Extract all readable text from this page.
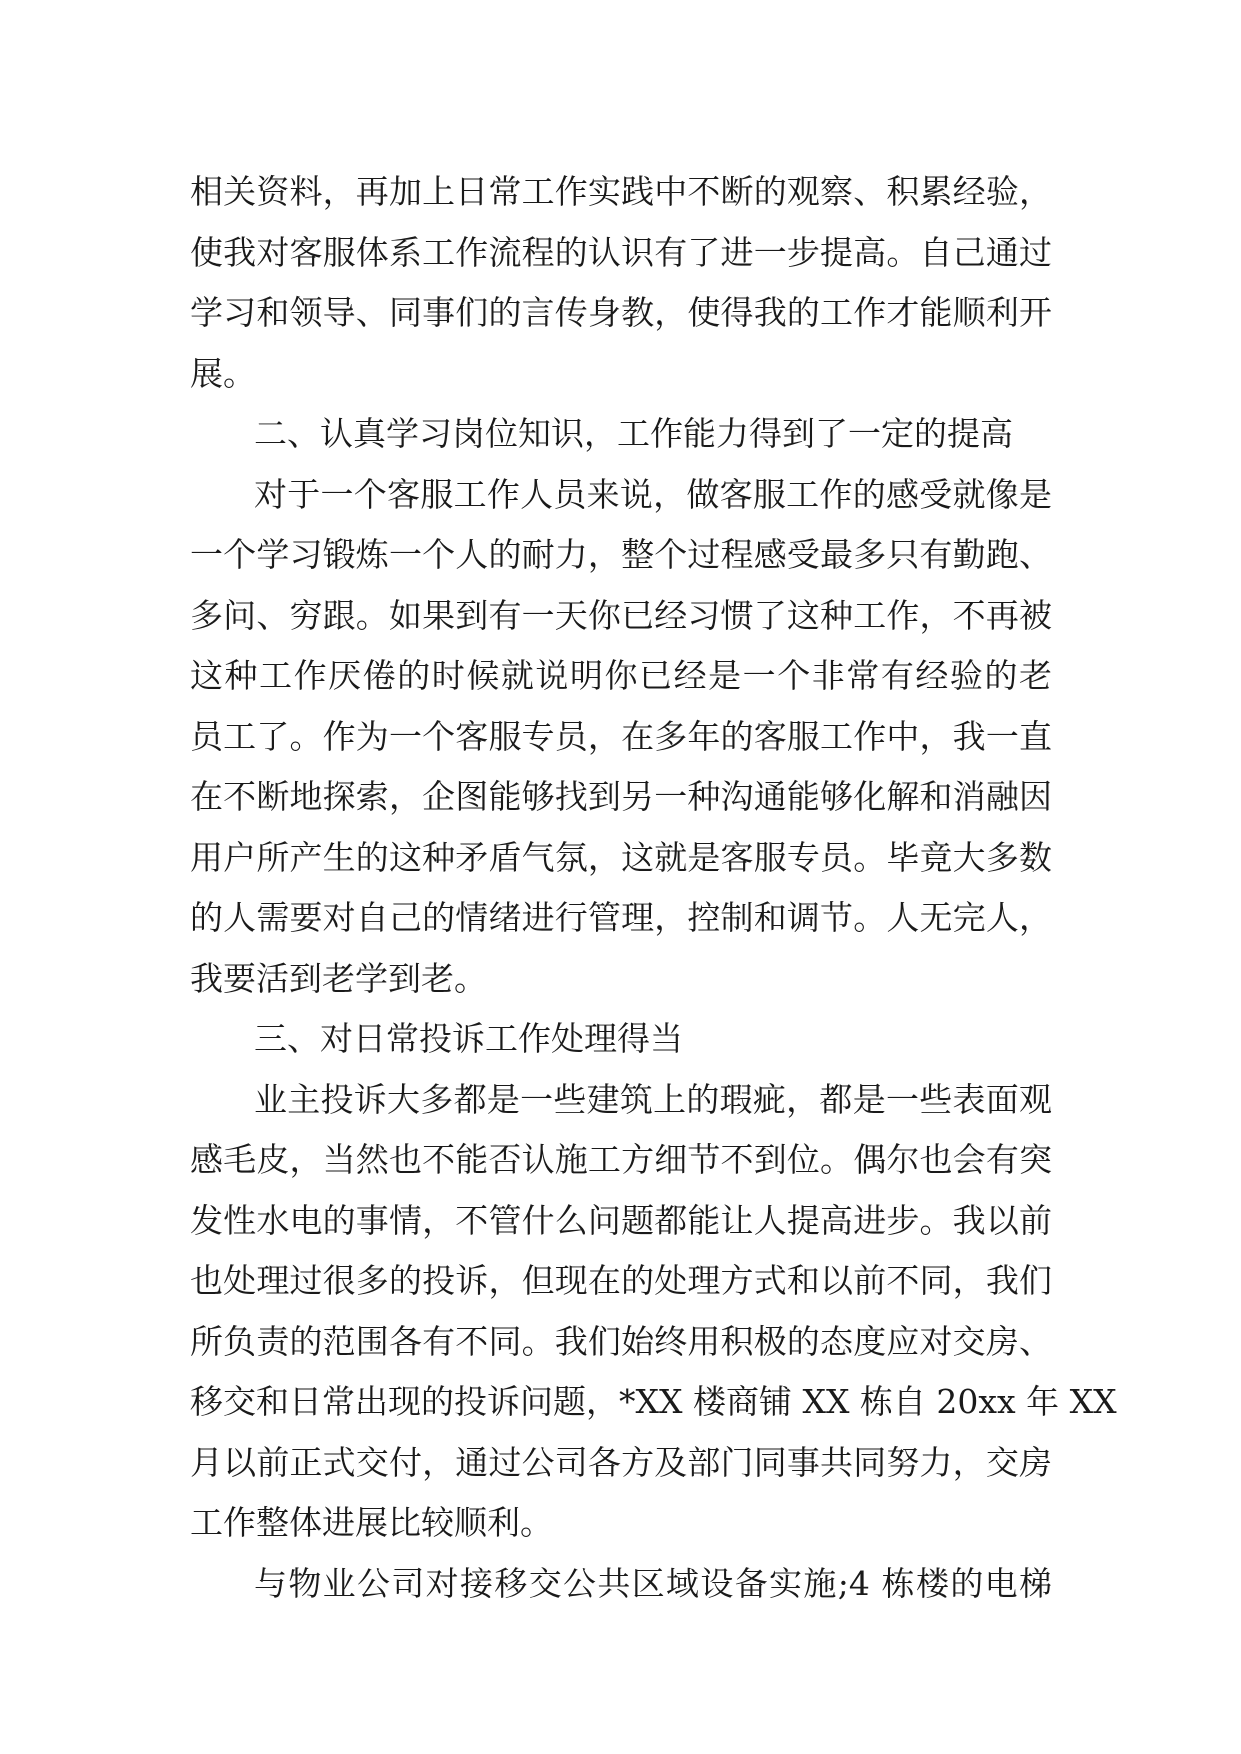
相关资料，再加上日常工作实践中不断的观察、积累经验，
使我对客服体系工作流程的认识有了进一步提高。自己通过
学习和领导、同事们的言传身教，使得我的工作才能顺利开
展。
二、认真学习岗位知识，工作能力得到了一定的提高
对于一个客服工作人员来说，做客服工作的感受就像是
一个学习锻炼一个人的耐力，整个过程感受最多只有勤跑、
多问、穷跟。如果到有一天你已经习惯了这种工作，不再被
这种工作厌倦的时候就说明你已经是一个非常有经验的老
员工了。作为一个客服专员，在多年的客服工作中，我一直
在不断地探索，企图能够找到另一种沟通能够化解和消融因
用户所产生的这种矛盾气氛，这就是客服专员。毕竟大多数
的人需要对自己的情绪进行管理，控制和调节。人无完人，
我要活到老学到老。
三、对日常投诉工作处理得当
业主投诉大多都是一些建筑上的瑕疵，都是一些表面观
感毛皮，当然也不能否认施工方细节不到位。偶尔也会有突
发性水电的事情，不管什么问题都能让人提高进步。我以前
也处理过很多的投诉，但现在的处理方式和以前不同，我们
所负责的范围各有不同。我们始终用积极的态度应对交房、
移交和日常出现的投诉问题，*XX 楼商铺 XX 栋自 20xx 年 XX
月以前正式交付，通过公司各方及部门同事共同努力，交房
工作整体进展比较顺利。
与物业公司对接移交公共区域设备实施;4 栋楼的电梯
